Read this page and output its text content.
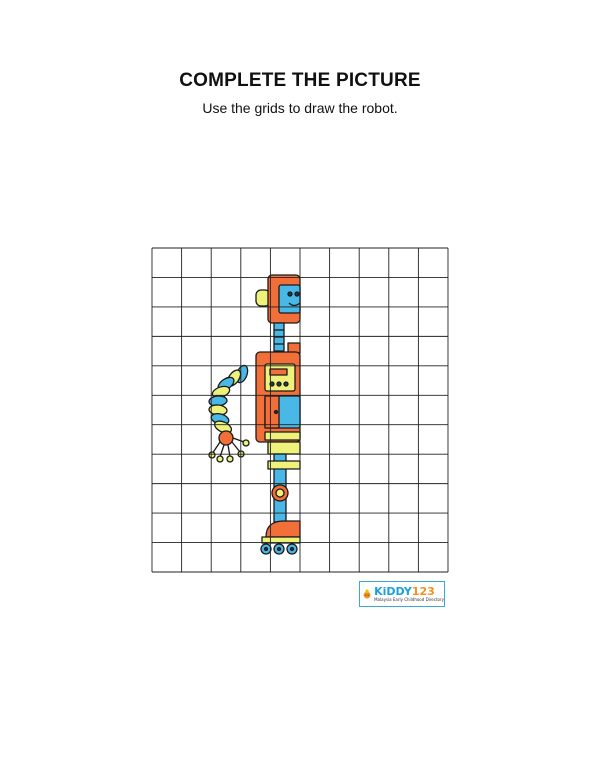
COMPLETE THE PICTURE
Use the grids to draw the robot.
KiDDY123
Malaysia Early Childhood Directory
